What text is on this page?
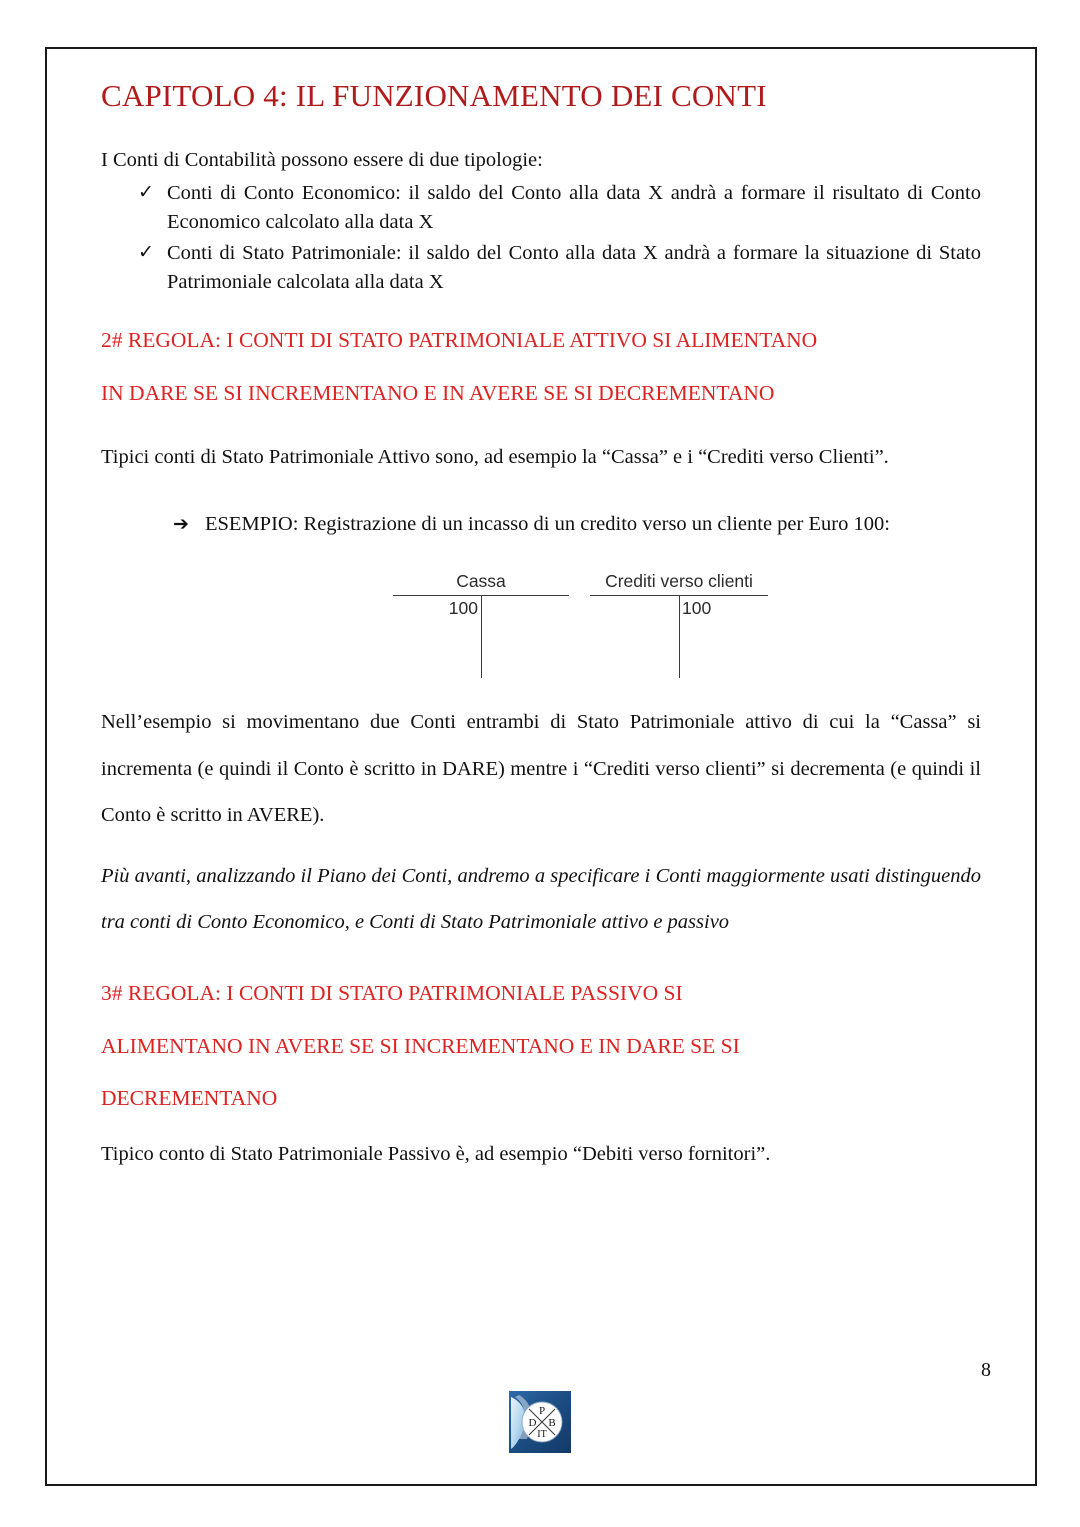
CAPITOLO 4: IL FUNZIONAMENTO DEI CONTI

I Conti di Contabilità possono essere di due tipologie:

✓ Conti di Conto Economico: il saldo del Conto alla data X andrà a formare il risultato di Conto Economico calcolato alla data X
✓ Conti di Stato Patrimoniale: il saldo del Conto alla data X andrà a formare la situazione di Stato Patrimoniale calcolata alla data X

2# REGOLA: I CONTI DI STATO PATRIMONIALE ATTIVO SI ALIMENTANO
IN DARE SE SI INCREMENTANO E IN AVERE SE SI DECREMENTANO

Tipici conti di Stato Patrimoniale Attivo sono, ad esempio la “Cassa” e i “Crediti verso Clienti”.

➔ ESEMPIO: Registrazione di un incasso di un credito verso un cliente per Euro 100:
Cassa
100
Crediti verso clienti
100

Nell’esempio si movimentano due Conti entrambi di Stato Patrimoniale attivo di cui la “Cassa” si incrementa (e quindi il Conto è scritto in DARE) mentre i “Crediti verso clienti” si decrementa (e quindi il Conto è scritto in AVERE).

Più avanti, analizzando il Piano dei Conti, andremo a specificare i Conti maggiormente usati distinguendo tra conti di Conto Economico, e Conti di Stato Patrimoniale attivo e passivo

3# REGOLA: I CONTI DI STATO PATRIMONIALE PASSIVO SI
ALIMENTANO IN AVERE SE SI INCREMENTANO E IN DARE SE SI

DECREMENTANO

Tipico conto di Stato Patrimoniale Passivo è, ad esempio “Debiti verso fornitori”.

8
P
D B
IT
